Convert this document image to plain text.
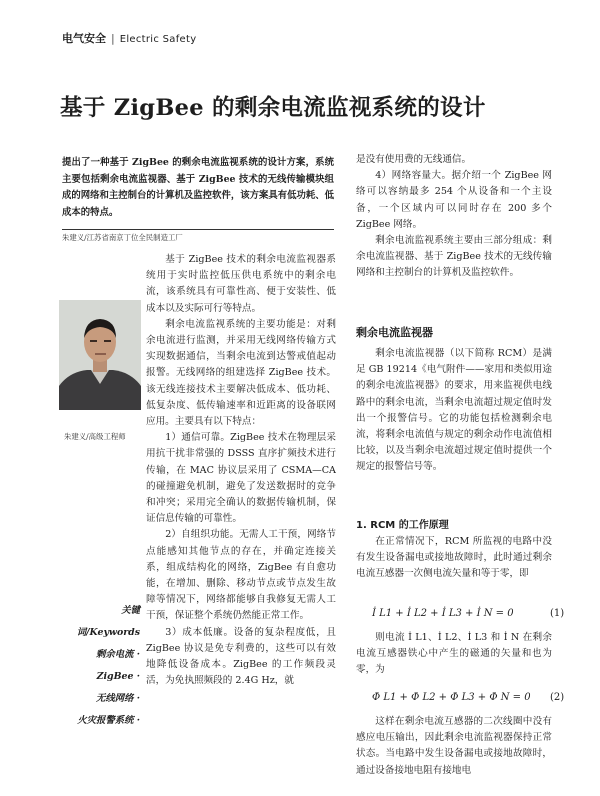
电气安全 | Electric Safety
基于 ZigBee 的剩余电流监视系统的设计
提出了一种基于 ZigBee 的剩余电流监视系统的设计方案，系统主要包括剩余电流监视器、基于 ZigBee 技术的无线传输模块组成的网络和主控制台的计算机及监控软件，该方案具有低功耗、低成本的特点。
朱建义/江苏省南京丁位全民制造工厂
朱建义/高级工程师
关键词/Keywords
剩余电流 ·
ZigBee ·
无线网络 ·
火灾报警系统 ·

基于 ZigBee 技术的剩余电流监视器系统用于实时监控低压供电系统中的剩余电流，该系统具有可靠性高、便于安装性、低成本以及实际可行等特点。

剩余电流监视系统的主要功能是：对剩余电流进行监测，并采用无线网络传输方式实现数据通信，当剩余电流到达警戒值起动报警。无线网络的组建选择 ZigBee 技术。该无线连接技术主要解决低成本、低功耗、低复杂度、低传输速率和近距离的设备联网应用。主要具有以下特点：

1）通信可靠。ZigBee 技术在物理层采用抗干扰非常强的 DSSS 直序扩频技术进行传输，在 MAC 协议层采用了 CSMA—CA 的碰撞避免机制，避免了发送数据时的竞争和冲突；采用完全确认的数据传输机制，保证信息传输的可靠性。

2）自组织功能。无需人工干预，网络节点能感知其他节点的存在，并确定连接关系，组成结构化的网络，ZigBee 有自愈功能，在增加、删除、移动节点或节点发生故障等情况下，网络都能够自我修复无需人工干预，保证整个系统仍然能正常工作。

3）成本低廉。设备的复杂程度低，且 ZigBee 协议是免专利费的，这些可以有效地降低设备成本。ZigBee 的工作频段灵活，为免执照频段的 2.4G Hz，就

是没有使用费的无线通信。

4）网络容量大。据介绍一个 ZigBee 网络可以容纳最多 254 个从设备和一个主设备，一个区域内可以同时存在 200 多个 ZigBee 网络。

剩余电流监视系统主要由三部分组成：剩余电流监视器、基于 ZigBee 技术的无线传输网络和主控制台的计算机及监控软件。

剩余电流监视器

剩余电流监视器（以下简称 RCM）是满足 GB 19214《电气附件——家用和类似用途的剩余电流监视器》的要求，用来监视供电线路中的剩余电流，当剩余电流超过规定值时发出一个报警信号。它的功能包括检测剩余电流，将剩余电流值与规定的剩余动作电流值相比较，以及当剩余电流超过规定值时提供一个规定的报警信号等。

1. RCM 的工作原理

在正常情况下，RCM 所监视的电路中没有发生设备漏电或接地故障时，此时通过剩余电流互感器一次侧电流矢量和等于零，即

İ L1 + İ L2 + İ L3 + İ N = 0	(1)

则电流 İ L1、İ L2、İ L3 和 İ N 在剩余电流互感器铁心中产生的磁通的矢量和也为零，为

Φ̇ L1 + Φ̇ L2 + Φ̇ L3 + Φ̇ N = 0 (2)

这样在剩余电流互感器的二次线圈中没有感应电压输出，因此剩余电流监视器保持正常状态。当电路中发生设备漏电或接地故障时，通过设备接地电阻有接地电
